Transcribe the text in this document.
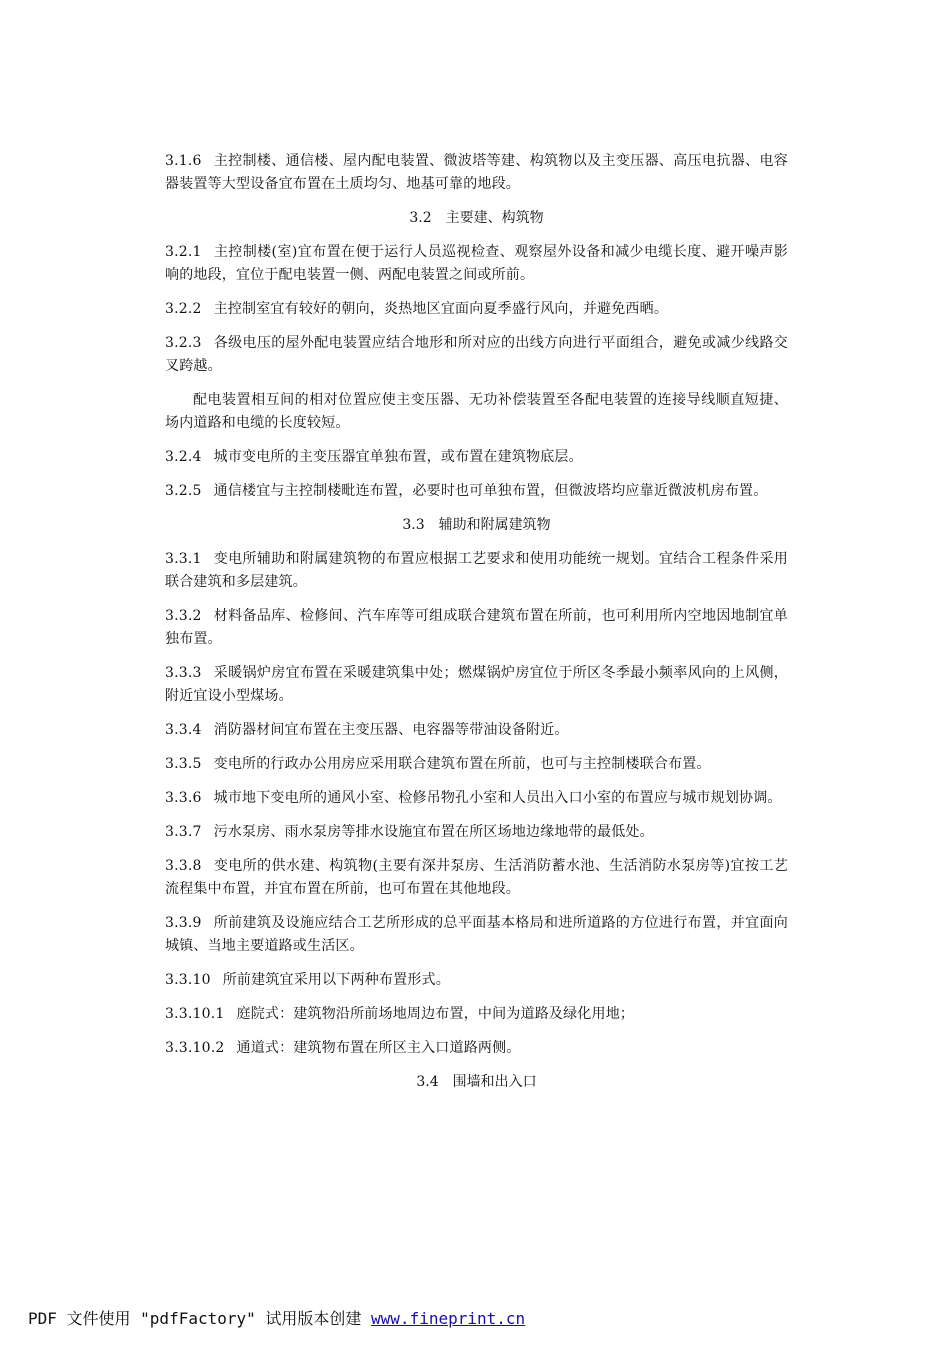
3.1.6 主控制楼、通信楼、屋内配电装置、微波塔等建、构筑物以及主变压器、高压电抗器、电容器装置等大型设备宜布置在土质均匀、地基可靠的地段。

3.2 主要建、构筑物

3.2.1 主控制楼(室)宜布置在便于运行人员巡视检查、观察屋外设备和减少电缆长度、避开噪声影响的地段，宜位于配电装置一侧、两配电装置之间或所前。

3.2.2 主控制室宜有较好的朝向，炎热地区宜面向夏季盛行风向，并避免西晒。

3.2.3 各级电压的屋外配电装置应结合地形和所对应的出线方向进行平面组合，避免或减少线路交叉跨越。

配电装置相互间的相对位置应使主变压器、无功补偿装置至各配电装置的连接导线顺直短捷、场内道路和电缆的长度较短。

3.2.4 城市变电所的主变压器宜单独布置，或布置在建筑物底层。

3.2.5 通信楼宜与主控制楼毗连布置，必要时也可单独布置，但微波塔均应靠近微波机房布置。

3.3 辅助和附属建筑物

3.3.1 变电所辅助和附属建筑物的布置应根据工艺要求和使用功能统一规划。宜结合工程条件采用联合建筑和多层建筑。

3.3.2 材料备品库、检修间、汽车库等可组成联合建筑布置在所前，也可利用所内空地因地制宜单独布置。

3.3.3 采暖锅炉房宜布置在采暖建筑集中处；燃煤锅炉房宜位于所区冬季最小频率风向的上风侧，附近宜设小型煤场。

3.3.4 消防器材间宜布置在主变压器、电容器等带油设备附近。

3.3.5 变电所的行政办公用房应采用联合建筑布置在所前，也可与主控制楼联合布置。

3.3.6 城市地下变电所的通风小室、检修吊物孔小室和人员出入口小室的布置应与城市规划协调。

3.3.7 污水泵房、雨水泵房等排水设施宜布置在所区场地边缘地带的最低处。

3.3.8 变电所的供水建、构筑物(主要有深井泵房、生活消防蓄水池、生活消防水泵房等)宜按工艺流程集中布置，并宜布置在所前，也可布置在其他地段。

3.3.9 所前建筑及设施应结合工艺所形成的总平面基本格局和进所道路的方位进行布置，并宜面向城镇、当地主要道路或生活区。

3.3.10 所前建筑宜采用以下两种布置形式。

3.3.10.1 庭院式：建筑物沿所前场地周边布置，中间为道路及绿化用地；

3.3.10.2 通道式：建筑物布置在所区主入口道路两侧。

3.4 围墙和出入口

PDF 文件使用 "pdfFactory" 试用版本创建 www.fineprint.cn
